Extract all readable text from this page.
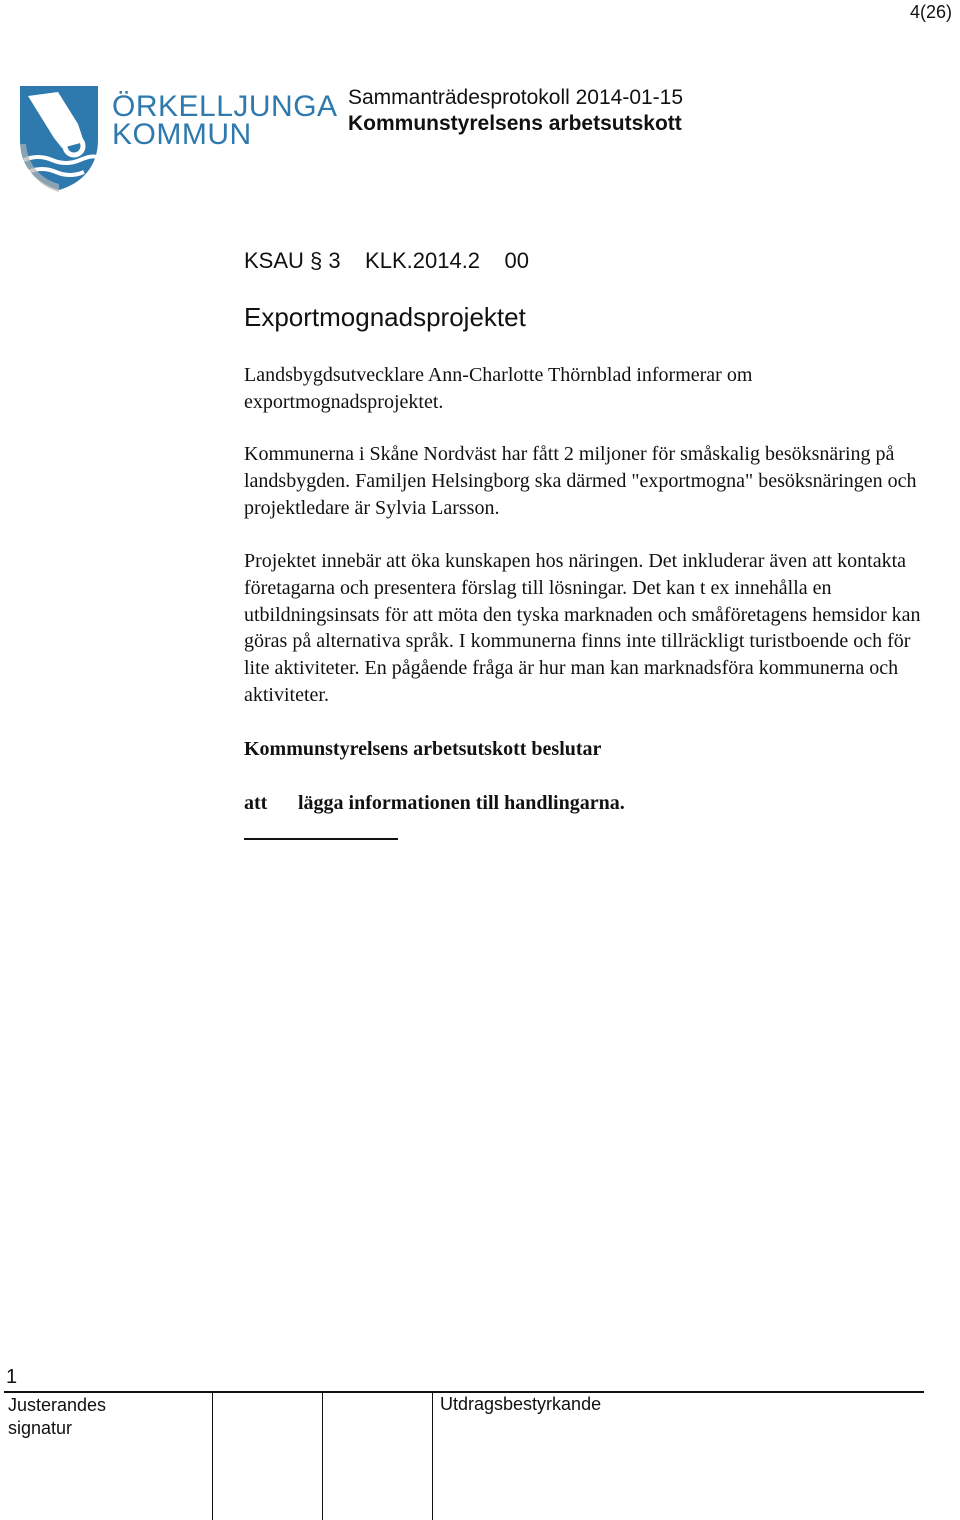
4(26)
ÖRKELLJUNGA
KOMMUN
Sammanträdesprotokoll 2014-01-15
Kommunstyrelsens arbetsutskott
KSAU § 3    KLK.2014.2    00
Exportmognadsprojektet
Landsbygdsutvecklare Ann-Charlotte Thörnblad informerar om exportmognadsprojektet.
Kommunerna i Skåne Nordväst har fått 2 miljoner för småskalig besöksnäring på landsbygden. Familjen Helsingborg ska därmed "exportmogna" besöksnäringen och projektledare är Sylvia Larsson.
Projektet innebär att öka kunskapen hos näringen. Det inkluderar även att kontakta företagarna och presentera förslag till lösningar. Det kan t ex innehålla en utbildningsinsats för att möta den tyska marknaden och småföretagens hemsidor kan göras på alternativa språk. I kommunerna finns inte tillräckligt turistboende och för lite aktiviteter. En pågående fråga är hur man kan marknadsföra kommunerna och aktiviteter.
Kommunstyrelsens arbetsutskott beslutar
att lägga informationen till handlingarna.
1
Justerandes signatur
Utdragsbestyrkande
